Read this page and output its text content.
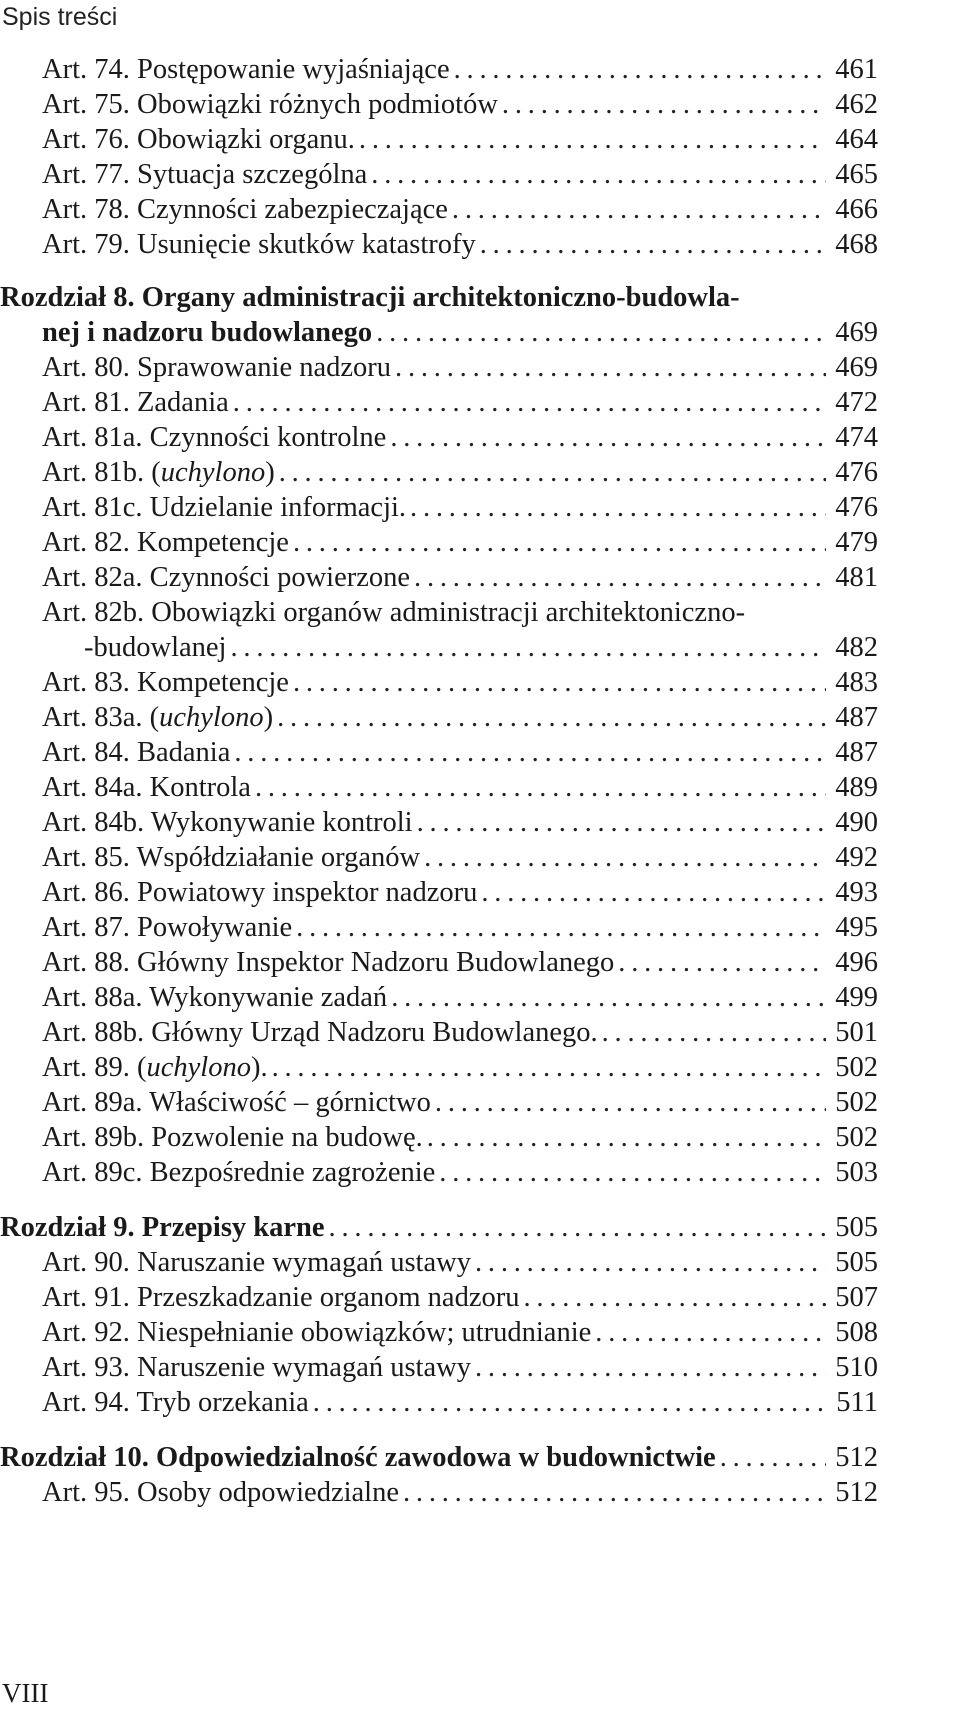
Spis treści
Art. 74. Postępowanie wyjaśniające .....	461
Art. 75. Obowiązki różnych podmiotów .....	462
Art. 76. Obowiązki organu. .....	464
Art. 77. Sytuacja szczególna .....	465
Art. 78. Czynności zabezpieczające .....	466
Art. 79. Usunięcie skutków katastrofy .....	468
Rozdział 8. Organy administracji architektoniczno-budowla-
nej i nadzoru budowlanego .....	469
Art. 80. Sprawowanie nadzoru .....	469
Art. 81. Zadania .....	472
Art. 81a. Czynności kontrolne .....	474
Art. 81b. (uchylono) .....	476
Art. 81c. Udzielanie informacji. .....	476
Art. 82. Kompetencje .....	479
Art. 82a. Czynności powierzone .....	481
Art. 82b. Obowiązki organów administracji architektoniczno-
-budowlanej .....	482
Art. 83. Kompetencje .....	483
Art. 83a. (uchylono) .....	487
Art. 84. Badania .....	487
Art. 84a. Kontrola .....	489
Art. 84b. Wykonywanie kontroli .....	490
Art. 85. Współdziałanie organów .....	492
Art. 86. Powiatowy inspektor nadzoru .....	493
Art. 87. Powoływanie .....	495
Art. 88. Główny Inspektor Nadzoru Budowlanego .....	496
Art. 88a. Wykonywanie zadań .....	499
Art. 88b. Główny Urząd Nadzoru Budowlanego. .....	501
Art. 89. (uchylono). .....	502
Art. 89a. Właściwość – górnictwo .....	502
Art. 89b. Pozwolenie na budowę. .....	502
Art. 89c. Bezpośrednie zagrożenie .....	503
Rozdział 9. Przepisy karne .....	505
Art. 90. Naruszanie wymagań ustawy .....	505
Art. 91. Przeszkadzanie organom nadzoru .....	507
Art. 92. Niespełnianie obowiązków; utrudnianie .....	508
Art. 93. Naruszenie wymagań ustawy .....	510
Art. 94. Tryb orzekania .....	511
Rozdział 10. Odpowiedzialność zawodowa w budownictwie .....	512
Art. 95. Osoby odpowiedzialne .....	512
VIII
